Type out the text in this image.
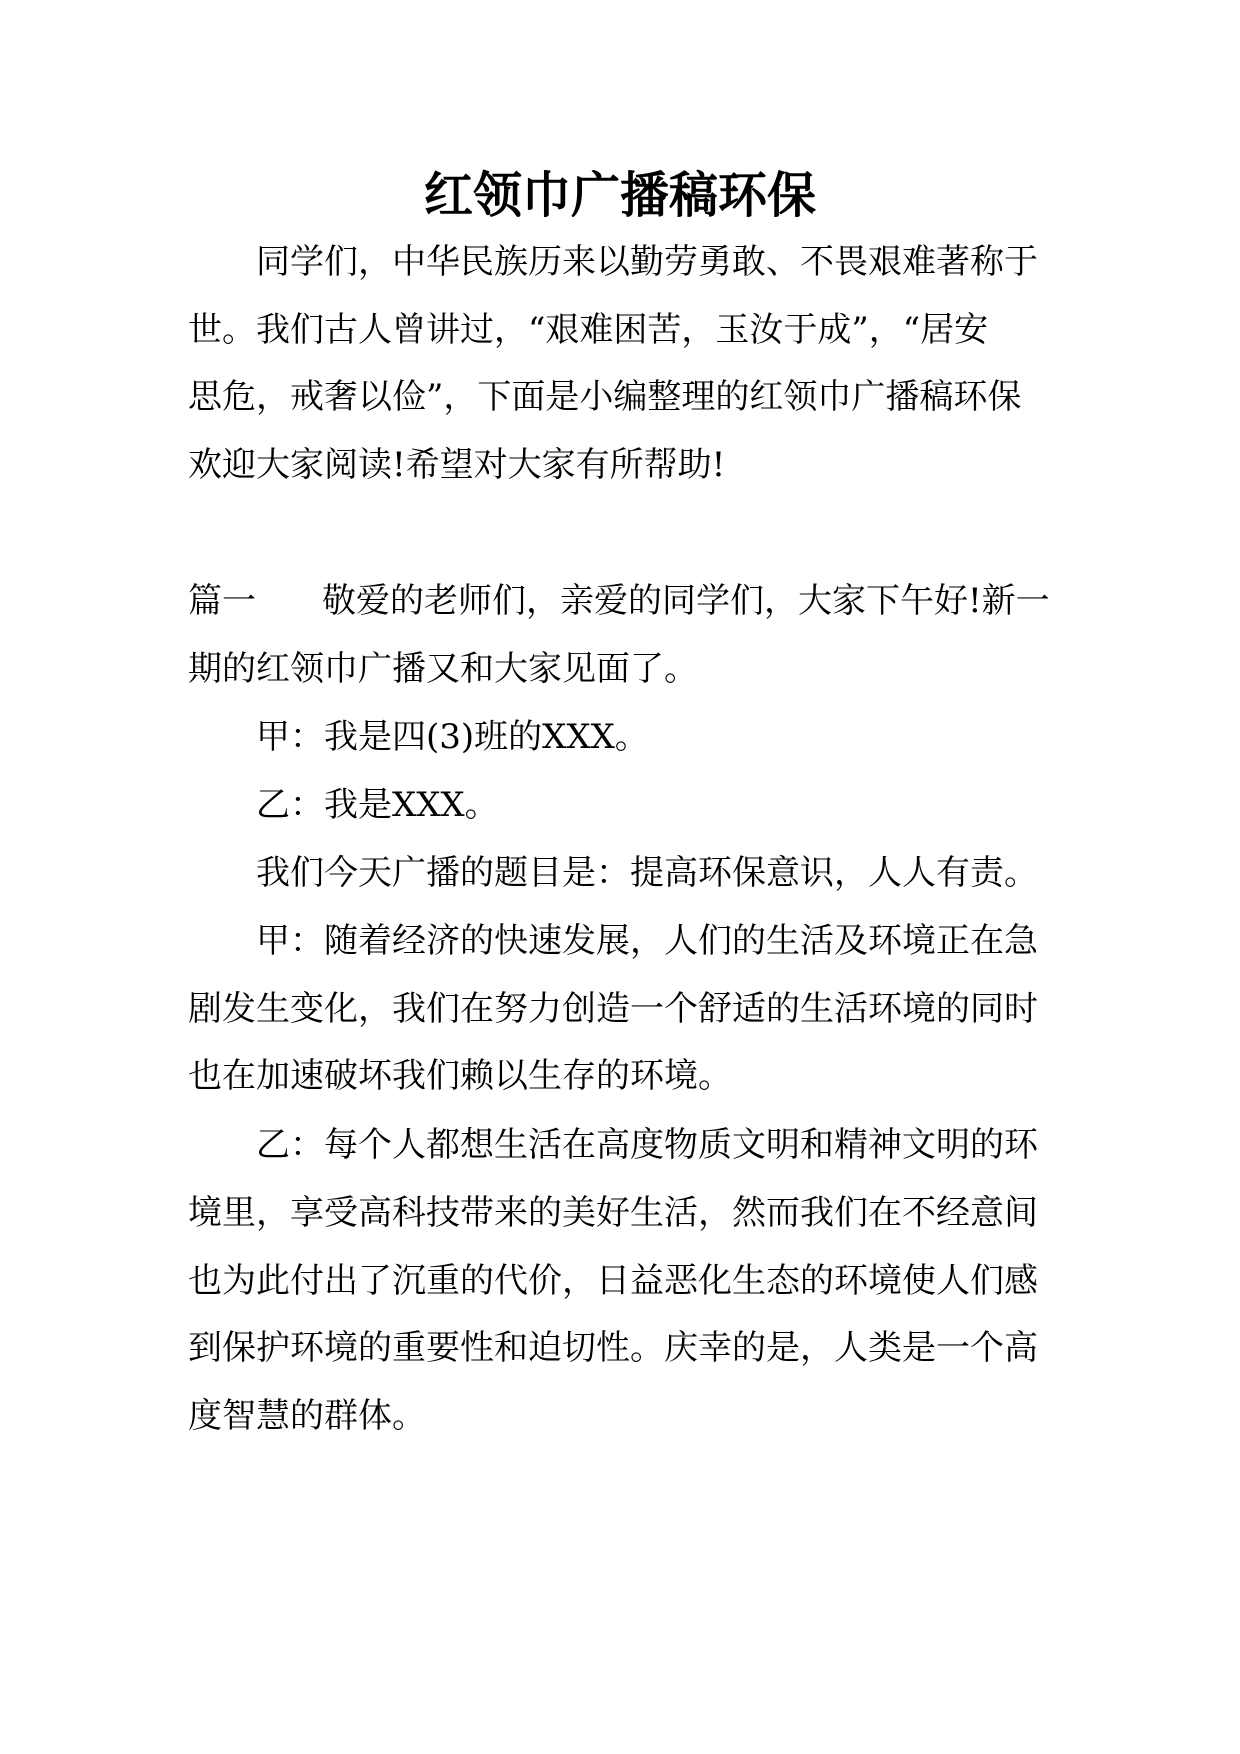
红领巾广播稿环保
同学们，中华民族历来以勤劳勇敢、不畏艰难著称于
世。我们古人曾讲过，“艰难困苦，玉汝于成”，“居安
思危，戒奢以俭”，下面是小编整理的红领巾广播稿环保
欢迎大家阅读!希望对大家有所帮助!
篇一 敬爱的老师们，亲爱的同学们，大家下午好!新一
期的红领巾广播又和大家见面了。
甲：我是四(3)班的XXX。
乙：我是XXX。
我们今天广播的题目是：提高环保意识，人人有责。
甲：随着经济的快速发展，人们的生活及环境正在急
剧发生变化，我们在努力创造一个舒适的生活环境的同时
也在加速破坏我们赖以生存的环境。
乙：每个人都想生活在高度物质文明和精神文明的环
境里，享受高科技带来的美好生活，然而我们在不经意间
也为此付出了沉重的代价，日益恶化生态的环境使人们感
到保护环境的重要性和迫切性。庆幸的是，人类是一个高
度智慧的群体。
